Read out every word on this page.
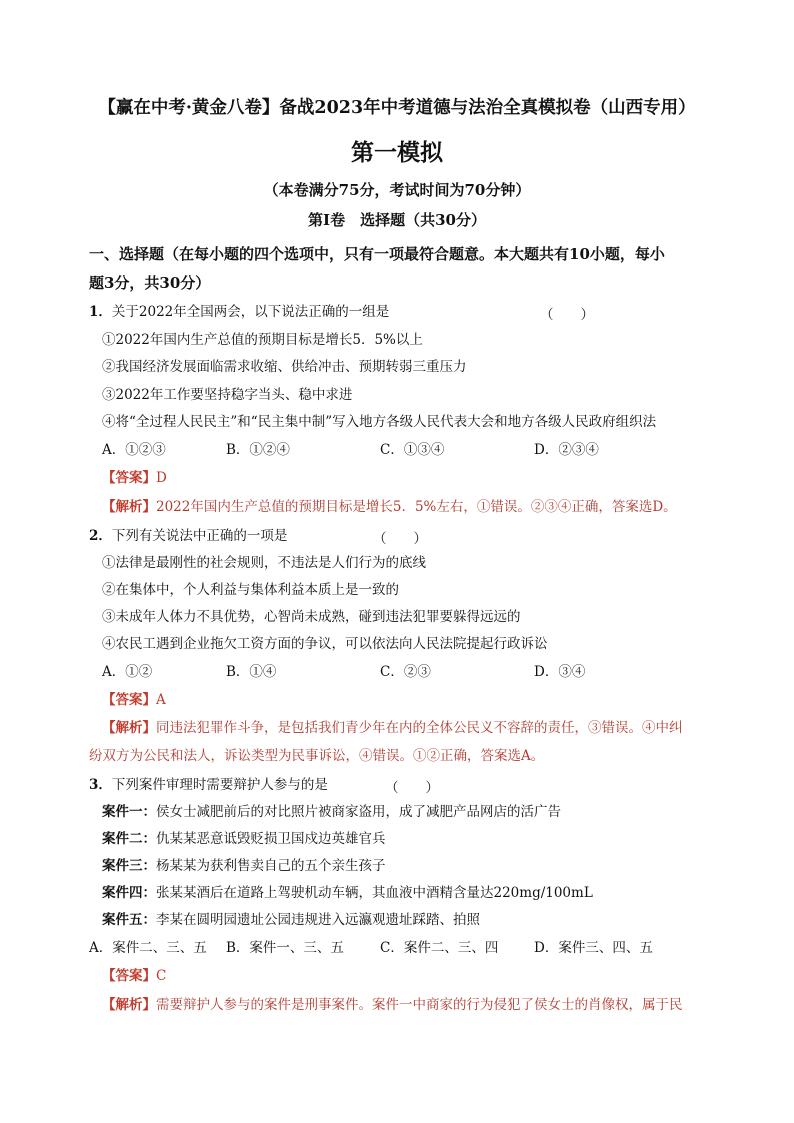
【赢在中考·黄金八卷】备战2023年中考道德与法治全真模拟卷（山西专用）
第一模拟
（本卷满分75分，考试时间为70分钟）
第Ⅰ卷　选择题（共30分）
一、选择题（在每小题的四个选项中，只有一项最符合题意。本大题共有10小题，每小
题3分，共30分）
1．关于2022年全国两会，以下说法正确的一组是	（　　）
①2022年国内生产总值的预期目标是增长5．5%以上
②我国经济发展面临需求收缩、供给冲击、预期转弱三重压力
③2022年工作要坚持稳字当头、稳中求进
④将“全过程人民民主”和“民主集中制”写入地方各级人民代表大会和地方各级人民政府组织法
A．①②③	B．①②④	C．①③④	D．②③④
【答案】D
【解析】2022年国内生产总值的预期目标是增长5．5%左右，①错误。②③④正确，答案选D。
2．下列有关说法中正确的一项是	（　　）
①法律是最刚性的社会规则，不违法是人们行为的底线
②在集体中，个人利益与集体利益本质上是一致的
③未成年人体力不具优势，心智尚未成熟，碰到违法犯罪要躲得远远的
④农民工遇到企业拖欠工资方面的争议，可以依法向人民法院提起行政诉讼
A．①②	B．①④	C．②③	D．③④
【答案】A
【解析】同违法犯罪作斗争，是包括我们青少年在内的全体公民义不容辞的责任，③错误。④中纠
纷双方为公民和法人，诉讼类型为民事诉讼，④错误。①②正确，答案选A。
3．下列案件审理时需要辩护人参与的是	（　　）
案件一：侯女士减肥前后的对比照片被商家盗用，成了减肥产品网店的活广告
案件二：仇某某恶意诋毁贬损卫国戍边英雄官兵
案件三：杨某某为获利售卖自己的五个亲生孩子
案件四：张某某酒后在道路上驾驶机动车辆，其血液中酒精含量达220mg/100mL
案件五：李某在圆明园遗址公园违规进入远瀛观遗址踩踏、拍照
A．案件二、三、五 B．案件一、三、五	C．案件二、三、四	D．案件三、四、五
【答案】C
【解析】需要辩护人参与的案件是刑事案件。案件一中商家的行为侵犯了侯女士的肖像权，属于民
